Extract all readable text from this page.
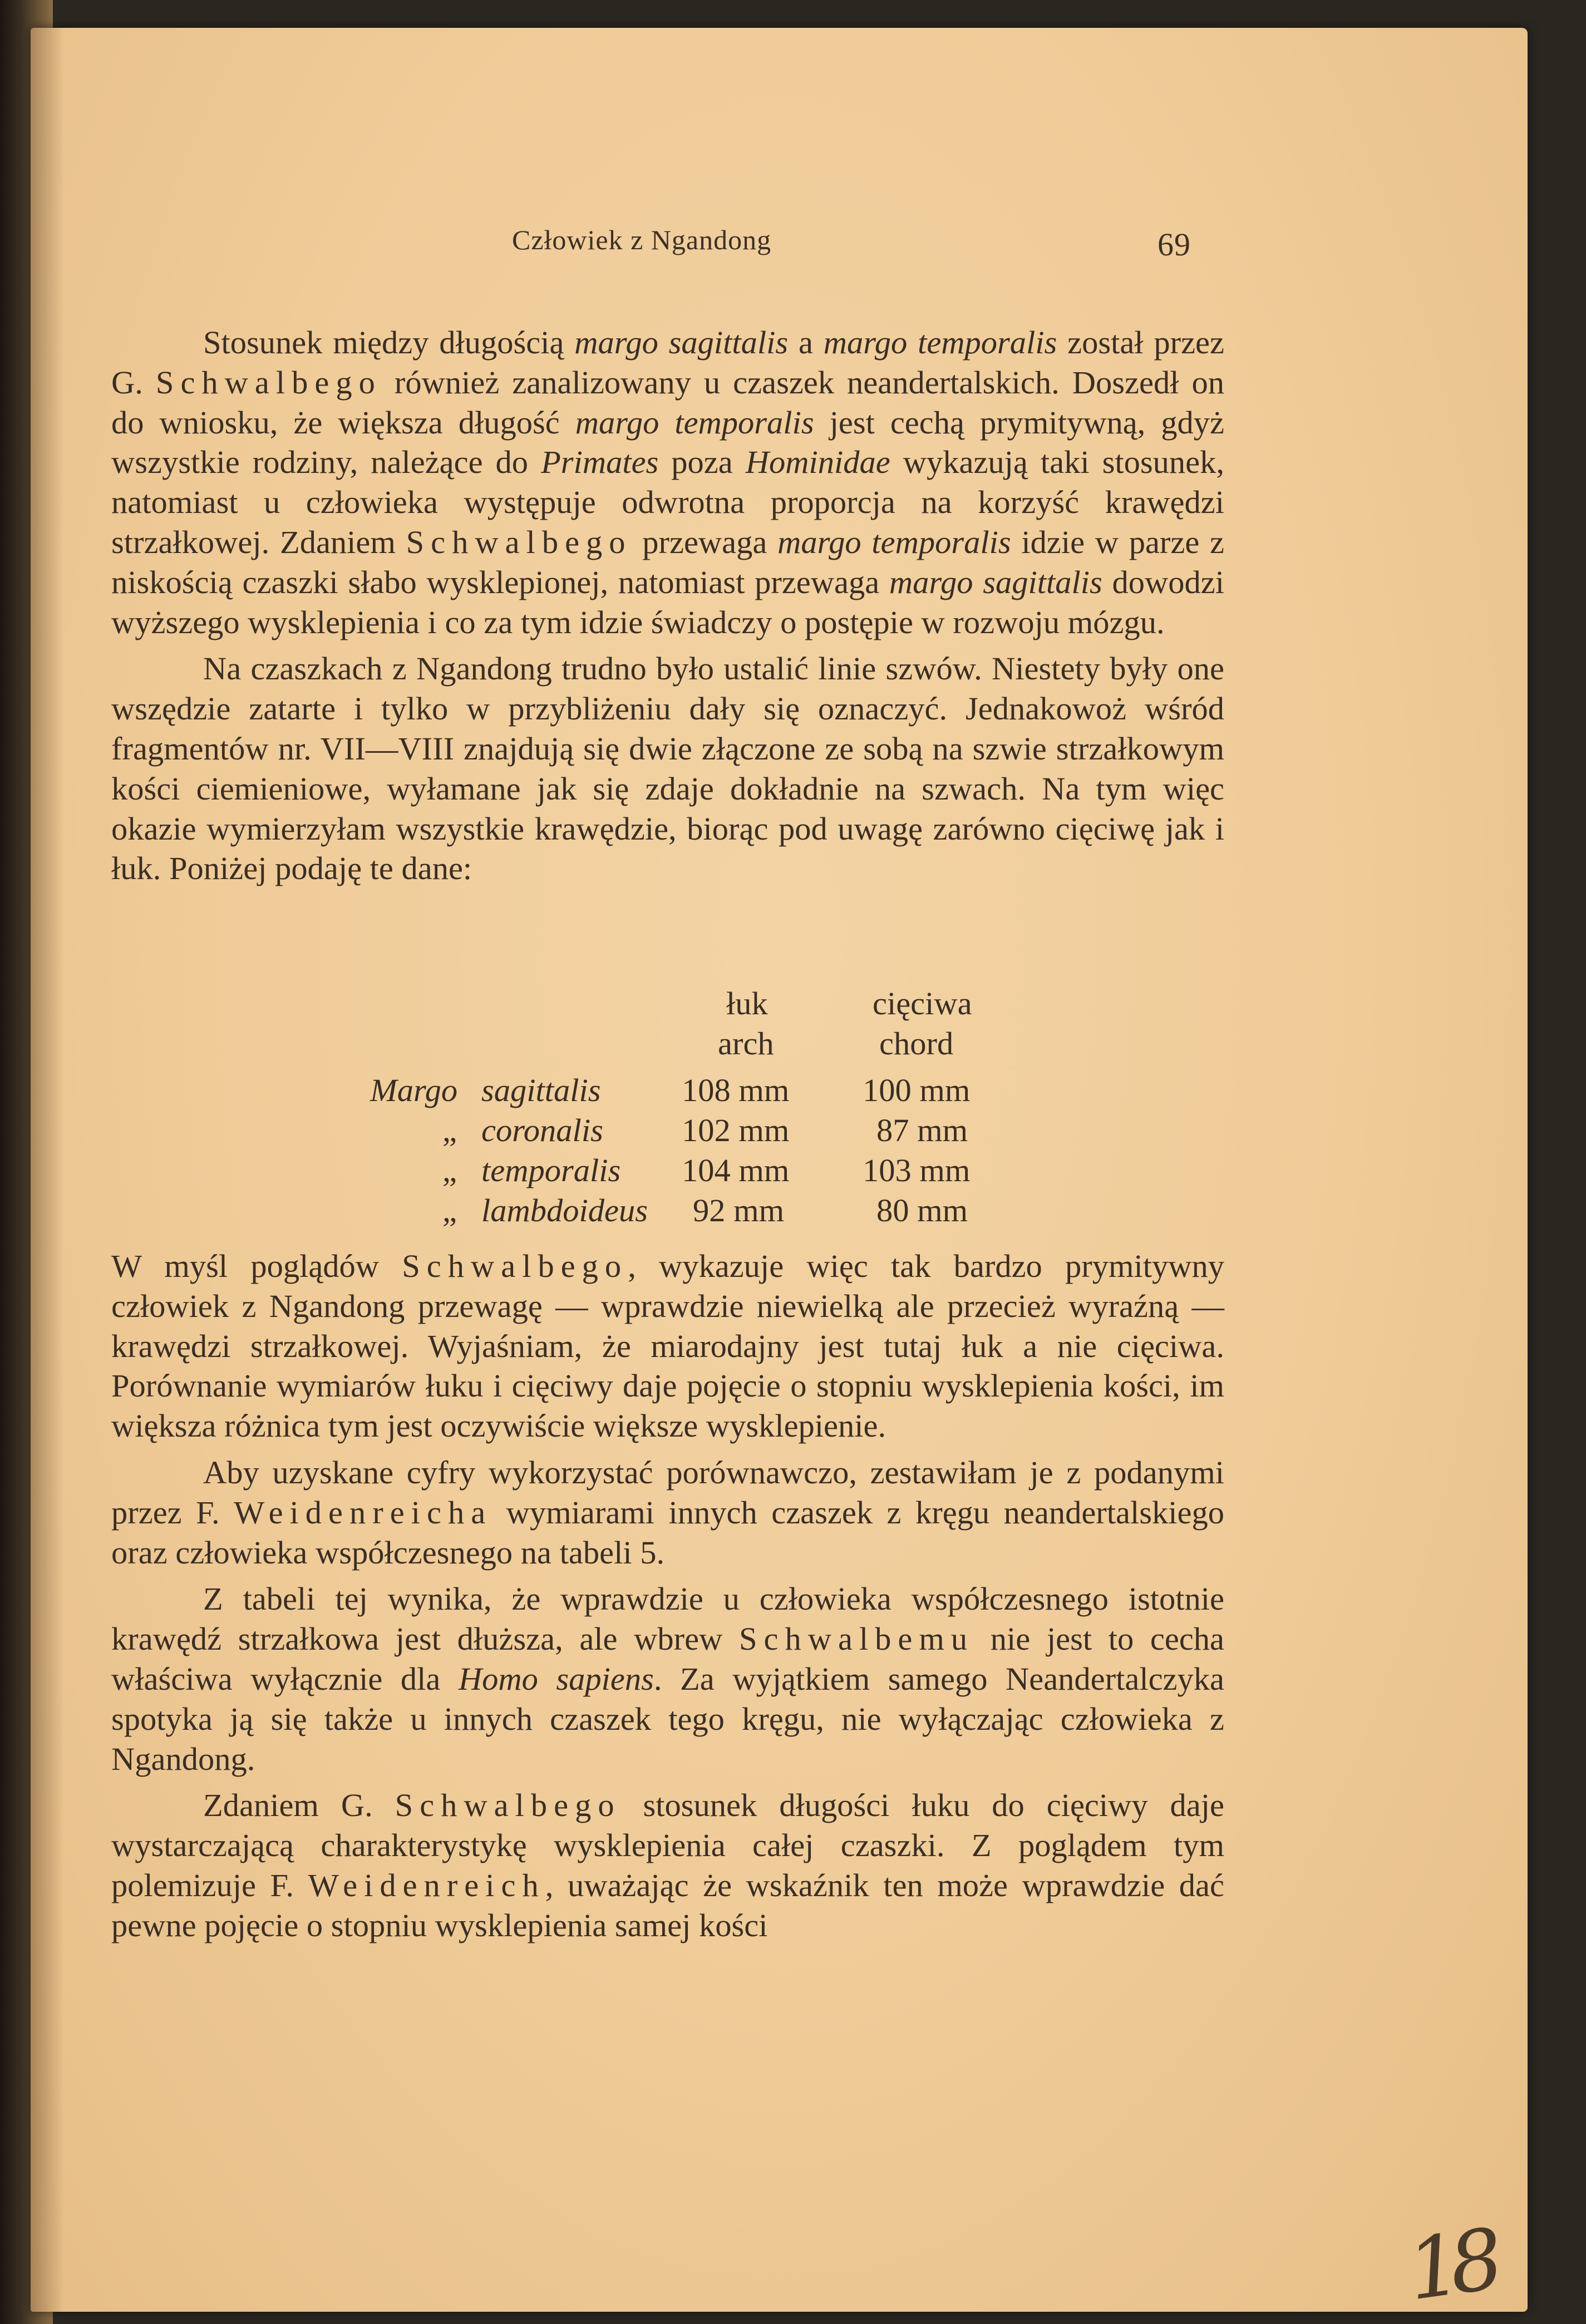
Człowiek z Ngandong	69

Stosunek między długością margo sagittalis a margo temporalis został przez G. Schwalbego również zanalizowany u czaszek neandertalskich. Doszedł on do wniosku, że większa długość margo temporalis jest cechą prymitywną, gdyż wszystkie rodziny, należące do Primates poza Hominidae wykazują taki stosunek, natomiast u człowieka występuje odwrotna proporcja na korzyść krawędzi strzałkowej. Zdaniem Schwalbego przewaga margo temporalis idzie w parze z niskością czaszki słabo wysklepionej, natomiast przewaga margo sagittalis dowodzi wyższego wysklepienia i co za tym idzie świadczy o postępie w rozwoju mózgu.

Na czaszkach z Ngandong trudno było ustalić linie szwów. Niestety były one wszędzie zatarte i tylko w przybliżeniu dały się oznaczyć. Jednakowoż wśród fragmentów nr. VII—VIII znajdują się dwie złączone ze sobą na szwie strzałkowym kości ciemieniowe, wyłamane jak się zdaje dokładnie na szwach. Na tym więc okazie wymierzyłam wszystkie krawędzie, biorąc pod uwagę zarówno cięciwę jak i łuk. Poniżej podaję te dane:

łuk	cięciwa
arch	chord
Margo sagittalis 108 mm 100 mm
„ coronalis 102 mm	87 mm
„ temporalis 104 mm 103 mm
„ lambdoideus 92 mm	80 mm

W myśl poglądów Schwalbego, wykazuje więc tak bardzo prymitywny człowiek z Ngandong przewagę — wprawdzie niewielką ale przecież wyraźną — krawędzi strzałkowej. Wyjaśniam, że miarodajny jest tutaj łuk a nie cięciwa. Porównanie wymiarów łuku i cięciwy daje pojęcie o stopniu wysklepienia kości, im większa różnica tym jest oczywiście większe wysklepienie.

Aby uzyskane cyfry wykorzystać porównawczo, zestawiłam je z podanymi przez F. Weidenreicha wymiarami innych czaszek z kręgu neandertalskiego oraz człowieka współczesnego na tabeli 5.

Z tabeli tej wynika, że wprawdzie u człowieka współczesnego istotnie krawędź strzałkowa jest dłuższa, ale wbrew Schwalbemu nie jest to cecha właściwa wyłącznie dla Homo sapiens. Za wyjątkiem samego Neandertalczyka spotyka ją się także u innych czaszek tego kręgu, nie wyłączając człowieka z Ngandong.

Zdaniem G. Schwalbego stosunek długości łuku do cięciwy daje wystarczającą charakterystykę wysklepienia całej czaszki. Z poglądem tym polemizuje F. Weidenreich, uważając że wskaźnik ten może wprawdzie dać pewne pojęcie o stopniu wysklepienia samej kości

18
